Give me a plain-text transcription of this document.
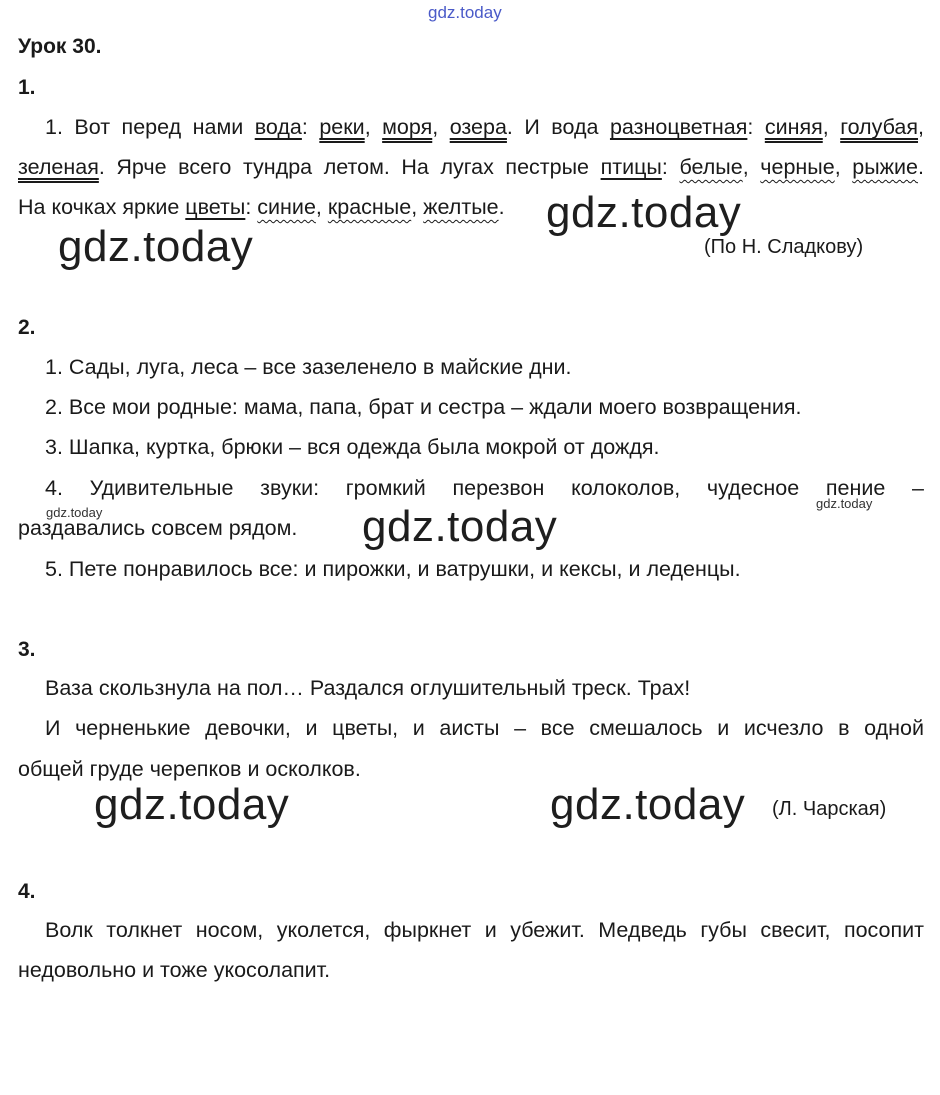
gdz.today
Урок 30.
1.
1. Вот перед нами вода: реки, моря, озера. И вода разноцветная: синяя, голубая,
зеленая. Ярче всего тундра летом. На лугах пестрые птицы: белые, черные, рыжие.
На кочках яркие цветы: синие, красные, желтые. gdz.today
gdz.today	(По Н. Сладкову)
2.
1. Сады, луга, леса – все зазеленело в майские дни.
2. Все мои родные: мама, папа, брат и сестра – ждали моего возвращения.
3. Шапка, куртка, брюки – вся одежда была мокрой от дождя.
4. Удивительные звуки: громкий перезвон колоколов, чудесное пение –
раздавались совсем рядом.
5. Пете понравилось все: и пирожки, и ватрушки, и кексы, и леденцы.
gdz.today
gdz.today
gdz.today
3.
Ваза скользнула на пол… Раздался оглушительный треск. Трах!
И черненькие девочки, и цветы, и аисты – все смешалось и исчезло в одной
общей груде черепков и осколков.
gdz.today	gdz.today (Л. Чарская)
4.
Волк толкнет носом, уколется, фыркнет и убежит. Медведь губы свесит, посопит
недовольно и тоже укосолапит.
